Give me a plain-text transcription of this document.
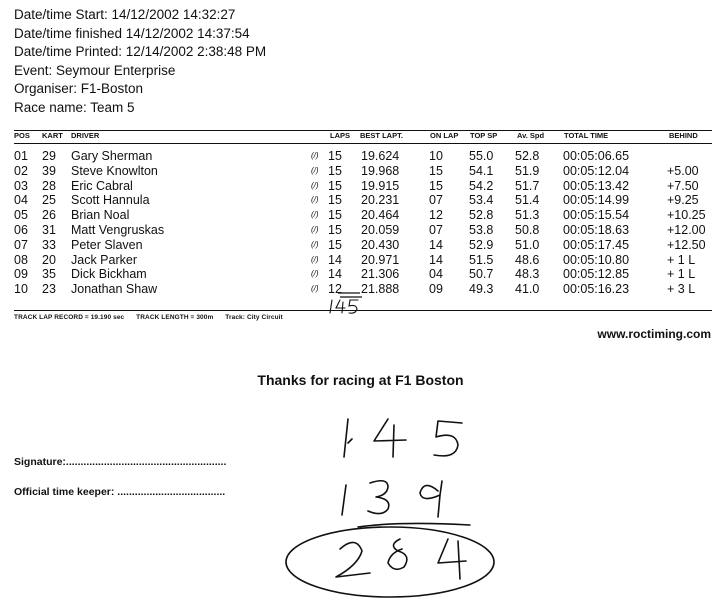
Date/time Start: 14/12/2002 14:32:27
Date/time finished 14/12/2002 14:37:54
Date/time Printed: 12/14/2002 2:38:48 PM
Event: Seymour Enterprise
Organiser: F1-Boston
Race name: Team 5
POS KART DRIVER	LAPS BEST LAPT.	ON LAP TOP SP	Av. Spd	TOTAL TIME	BEHIND
01 29 Gary Sherman	(/) 15 19.624 10 55.0 52.8 00:05:06.65
02 39 Steve Knowlton	(/) 15 19.968 15 54.1 51.9 00:05:12.04	+5.00
03 28 Eric Cabral	(/) 15 19.915 15 54.2 51.7 00:05:13.42	+7.50
04 25 Scott Hannula	(/) 15 20.231 07 53.4 51.4 00:05:14.99	+9.25
05 26 Brian Noal	(/) 15 20.464 12 52.8 51.3 00:05:15.54	+10.25
06 31 Matt Vengruskas	(/) 15 20.059 07 53.8 50.8 00:05:18.63	+12.00
07 33 Peter Slaven	(/) 15 20.430 14 52.9 51.0 00:05:17.45	+12.50
08 20 Jack Parker	(/) 14 20.971 14 51.5 48.6 00:05:10.80	+ 1 L
09 35 Dick Bickham	(/) 14 21.306 04 50.7 48.3 00:05:12.85	+ 1 L
10 23 Jonathan Shaw	(/) 12 21.888 09 49.3 41.0 00:05:16.23	+ 3 L
TRACK LAP RECORD = 19.190 sec TRACK LENGTH = 300m Track: City Circuit
www.roctiming.com
Thanks for racing at F1 Boston
Signature:.......................................................
Official time keeper: .....................................
